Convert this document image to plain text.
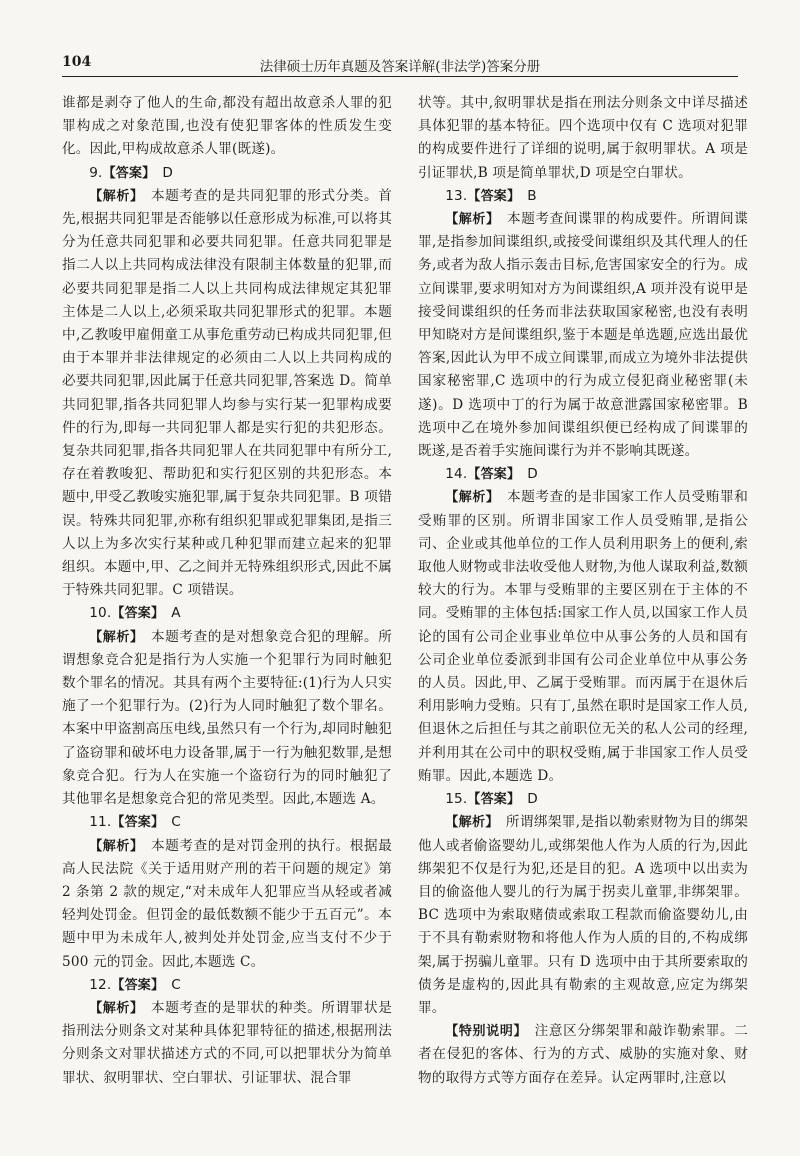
104	法律硕士历年真题及答案详解(非法学)答案分册

谁都是剥夺了他人的生命,都没有超出故意杀人罪的犯罪构成之对象范围,也没有使犯罪客体的性质发生变化。因此,甲构成故意杀人罪(既遂)。

9.【答案】  D

【解析】  本题考查的是共同犯罪的形式分类。首先,根据共同犯罪是否能够以任意形成为标准,可以将其分为任意共同犯罪和必要共同犯罪。任意共同犯罪是指二人以上共同构成法律没有限制主体数量的犯罪,而必要共同犯罪是指二人以上共同构成法律规定其犯罪主体是二人以上,必须采取共同犯罪形式的犯罪。本题中,乙教唆甲雇佣童工从事危重劳动已构成共同犯罪,但由于本罪并非法律规定的必须由二人以上共同构成的必要共同犯罪,因此属于任意共同犯罪,答案选 D。简单共同犯罪,指各共同犯罪人均参与实行某一犯罪构成要件的行为,即每一共同犯罪人都是实行犯的共犯形态。复杂共同犯罪,指各共同犯罪人在共同犯罪中有所分工,存在着教唆犯、帮助犯和实行犯区别的共犯形态。本题中,甲受乙教唆实施犯罪,属于复杂共同犯罪。B 项错误。特殊共同犯罪,亦称有组织犯罪或犯罪集团,是指三人以上为多次实行某种或几种犯罪而建立起来的犯罪组织。本题中,甲、乙之间并无特殊组织形式,因此不属于特殊共同犯罪。C 项错误。

10.【答案】  A

【解析】  本题考查的是对想象竞合犯的理解。所谓想象竞合犯是指行为人实施一个犯罪行为同时触犯数个罪名的情况。其具有两个主要特征:(1)行为人只实施了一个犯罪行为。(2)行为人同时触犯了数个罪名。本案中甲盗割高压电线,虽然只有一个行为,却同时触犯了盗窃罪和破坏电力设备罪,属于一行为触犯数罪,是想象竞合犯。行为人在实施一个盗窃行为的同时触犯了其他罪名是想象竞合犯的常见类型。因此,本题选 A。

11.【答案】  C

【解析】  本题考查的是对罚金刑的执行。根据最高人民法院《关于适用财产刑的若干问题的规定》第 2 条第 2 款的规定,“对未成年人犯罪应当从轻或者减轻判处罚金。但罚金的最低数额不能少于五百元”。本题中甲为未成年人,被判处并处罚金,应当支付不少于 500 元的罚金。因此,本题选 C。

12.【答案】  C

【解析】  本题考查的是罪状的种类。所谓罪状是指刑法分则条文对某种具体犯罪特征的描述,根据刑法分则条文对罪状描述方式的不同,可以把罪状分为简单罪状、叙明罪状、空白罪状、引证罪状、混合罪

状等。其中,叙明罪状是指在刑法分则条文中详尽描述具体犯罪的基本特征。四个选项中仅有 C 选项对犯罪的构成要件进行了详细的说明,属于叙明罪状。A 项是引证罪状,B 项是简单罪状,D 项是空白罪状。

13.【答案】  B

【解析】  本题考查间谍罪的构成要件。所谓间谍罪,是指参加间谍组织,或接受间谍组织及其代理人的任务,或者为敌人指示轰击目标,危害国家安全的行为。成立间谍罪,要求明知对方为间谍组织,A 项并没有说甲是接受间谍组织的任务而非法获取国家秘密,也没有表明甲知晓对方是间谍组织,鉴于本题是单选题,应选出最优答案,因此认为甲不成立间谍罪,而成立为境外非法提供国家秘密罪,C 选项中的行为成立侵犯商业秘密罪(未遂)。D 选项中丁的行为属于故意泄露国家秘密罪。B 选项中乙在境外参加间谍组织便已经构成了间谍罪的既遂,是否着手实施间谍行为并不影响其既遂。

14.【答案】  D

【解析】  本题考查的是非国家工作人员受贿罪和受贿罪的区别。所谓非国家工作人员受贿罪,是指公司、企业或其他单位的工作人员利用职务上的便利,索取他人财物或非法收受他人财物,为他人谋取利益,数额较大的行为。本罪与受贿罪的主要区别在于主体的不同。受贿罪的主体包括:国家工作人员,以国家工作人员论的国有公司企业事业单位中从事公务的人员和国有公司企业单位委派到非国有公司企业单位中从事公务的人员。因此,甲、乙属于受贿罪。而丙属于在退休后利用影响力受贿。只有丁,虽然在职时是国家工作人员,但退休之后担任与其之前职位无关的私人公司的经理,并利用其在公司中的职权受贿,属于非国家工作人员受贿罪。因此,本题选 D。

15.【答案】  D

【解析】  所谓绑架罪,是指以勒索财物为目的绑架他人或者偷盗婴幼儿,或绑架他人作为人质的行为,因此绑架犯不仅是行为犯,还是目的犯。A 选项中以出卖为目的偷盗他人婴儿的行为属于拐卖儿童罪,非绑架罪。BC 选项中为索取赌债或索取工程款而偷盗婴幼儿,由于不具有勒索财物和将他人作为人质的目的,不构成绑架,属于拐骗儿童罪。只有 D 选项中由于其所要索取的债务是虚构的,因此具有勒索的主观故意,应定为绑架罪。

【特别说明】  注意区分绑架罪和敲诈勒索罪。二者在侵犯的客体、行为的方式、威胁的实施对象、财物的取得方式等方面存在差异。认定两罪时,注意以
